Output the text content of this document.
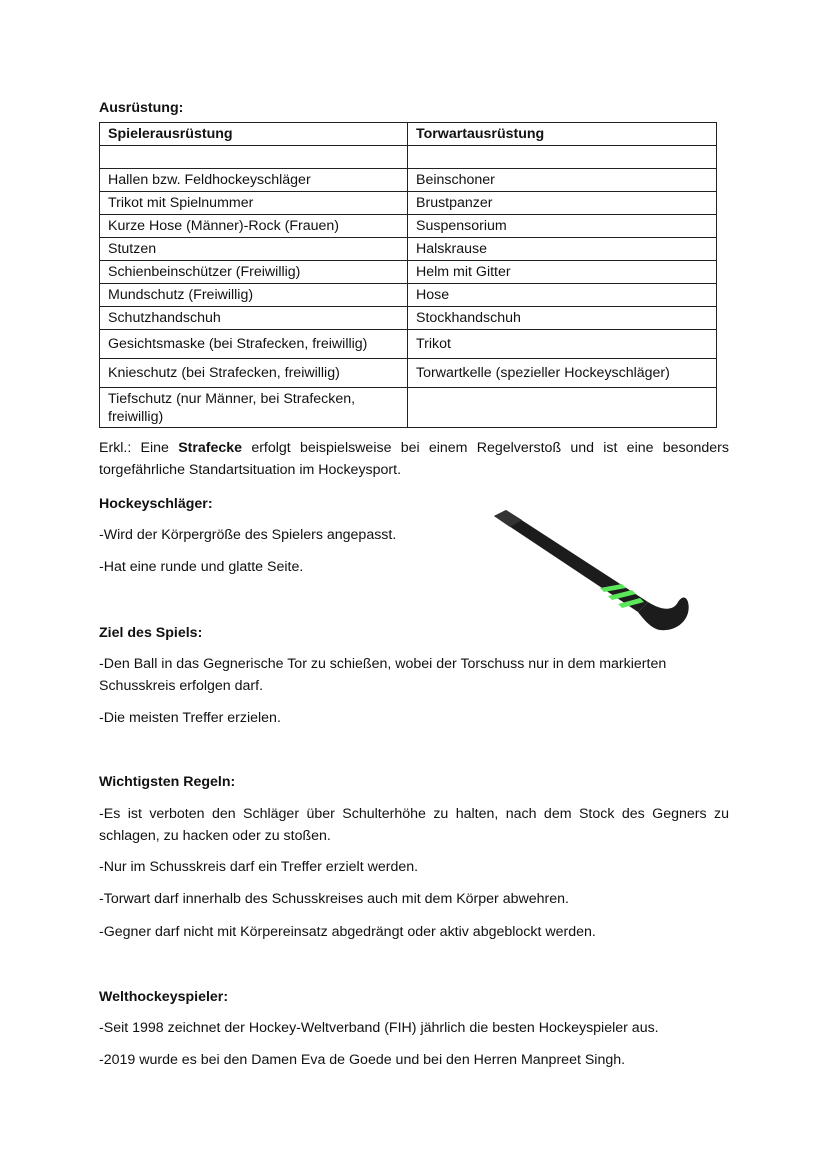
Ausrüstung:
Spielerausrüstung	Torwartausrüstung

Hallen bzw. Feldhockeyschläger	Beinschoner
Trikot mit Spielnummer	Brustpanzer
Kurze Hose (Männer)-Rock (Frauen)	Suspensorium
Stutzen	Halskrause
Schienbeinschützer (Freiwillig)	Helm mit Gitter
Mundschutz (Freiwillig)	Hose
Schutzhandschuh	Stockhandschuh
Gesichtsmaske (bei Strafecken, freiwillig)	Trikot
Knieschutz (bei Strafecken, freiwillig)	Torwartkelle (spezieller Hockeyschläger)
Tiefschutz (nur Männer, bei Strafecken, freiwillig)	
Erkl.: Eine Strafecke erfolgt beispielsweise bei einem Regelverstoß und ist eine besonders torgefährliche Standartsituation im Hockeysport.
Hockeyschläger:
-Wird der Körpergröße des Spielers angepasst.
-Hat eine runde und glatte Seite.
Ziel des Spiels:
-Den Ball in das Gegnerische Tor zu schießen, wobei der Torschuss nur in dem markierten Schusskreis erfolgen darf.
-Die meisten Treffer erzielen.
Wichtigsten Regeln:
-Es ist verboten den Schläger über Schulterhöhe zu halten, nach dem Stock des Gegners zu schlagen, zu hacken oder zu stoßen.
-Nur im Schusskreis darf ein Treffer erzielt werden.
-Torwart darf innerhalb des Schusskreises auch mit dem Körper abwehren.
-Gegner darf nicht mit Körpereinsatz abgedrängt oder aktiv abgeblockt werden.
Welthockeyspieler:
-Seit 1998 zeichnet der Hockey-Weltverband (FIH) jährlich die besten Hockeyspieler aus.
-2019 wurde es bei den Damen Eva de Goede und bei den Herren Manpreet Singh.
